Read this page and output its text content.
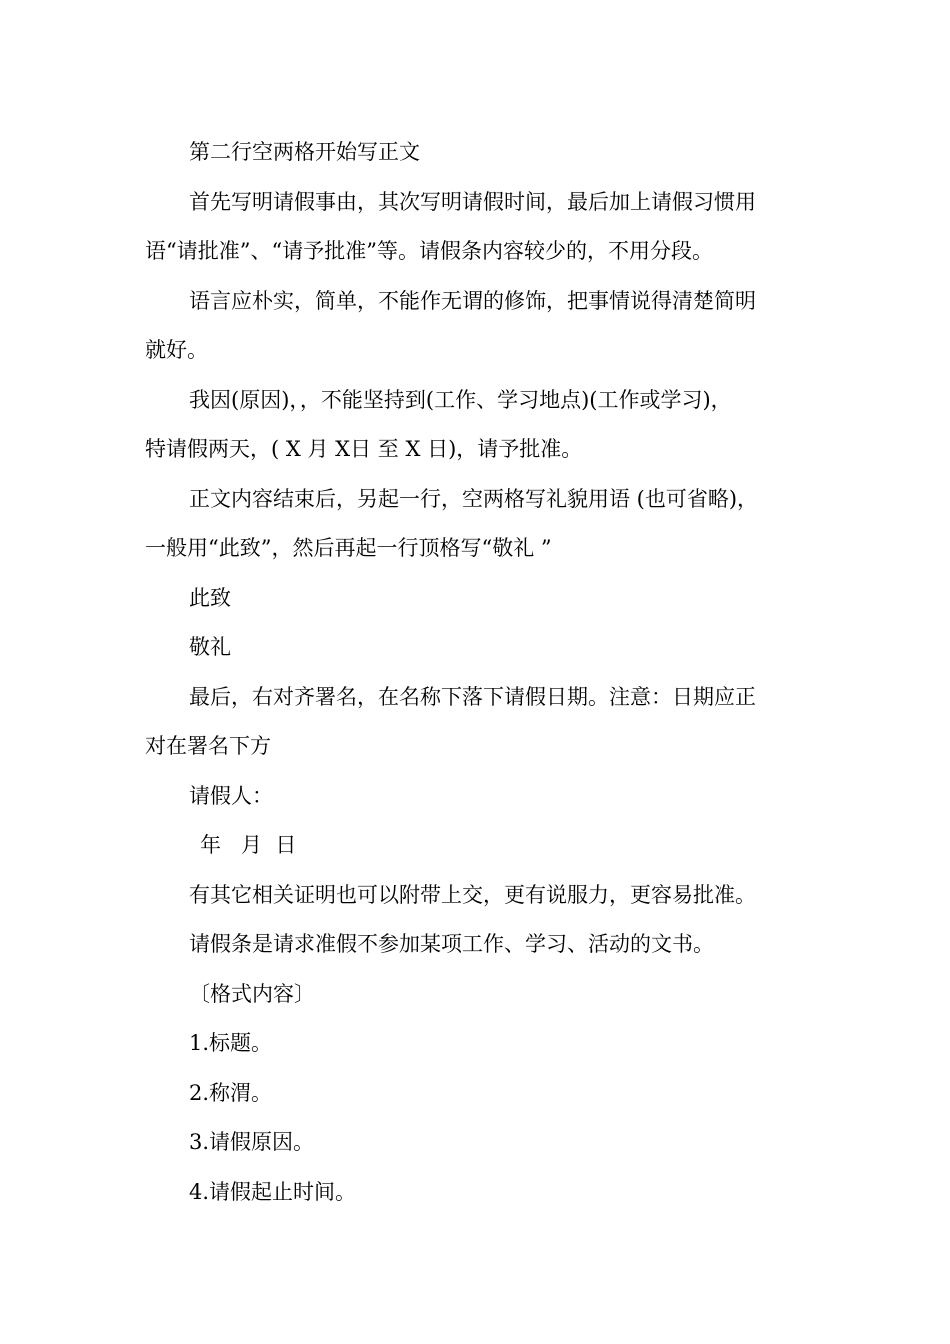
第二行空两格开始写正文
首先写明请假事由，其次写明请假时间，最后加上请假习惯用
语“请批准”、“请予批准”等。请假条内容较少的，不用分段。
语言应朴实，简单，不能作无谓的修饰，把事情说得清楚简明
就好。
我因(原因)，，不能坚持到(工作、学习地点)(工作或学习)，
特请假两天，( X 月 X日 至 X 日)，请予批准。
正文内容结束后，另起一行，空两格写礼貌用语 (也可省略)，
一般用“此致”，然后再起一行顶格写“敬礼 ”
此致
敬礼
最后，右对齐署名，在名称下落下请假日期。注意：日期应正
对在署名下方
请假人：
年   月  日
有其它相关证明也可以附带上交，更有说服力，更容易批准。
请假条是请求准假不参加某项工作、学习、活动的文书。
〔格式内容〕
1.标题。
2.称渭。
3.请假原因。
4.请假起止时间。
